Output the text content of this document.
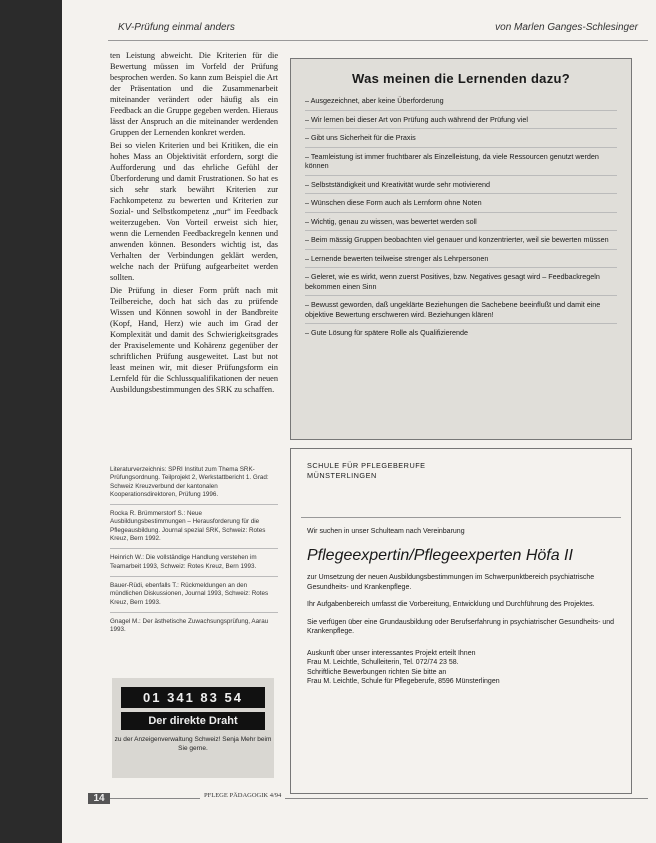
KV-Prüfung einmal anders	von Marlen Ganges-Schlesinger

ten Leistung abweicht. Die Kriterien für die Bewertung müssen im Vorfeld der Prüfung besprochen werden. So kann zum Beispiel die Art der Präsentation und die Zusammenarbeit miteinander verändert oder häufig als ein Feedback an die Gruppe gegeben werden. Hieraus lässt der Anspruch an die miteinander werdenden Gruppen der Lernenden konkret werden.

Bei so vielen Kriterien und bei Kritiken, die ein hohes Mass an Objektivität erfordern, sorgt die Aufforderung und das ehrliche Gefühl der Überforderung und damit Frustrationen. So hat es sich sehr stark bewährt Kriterien zur Fachkompetenz zu bewerten und Kriterien zur Sozial- und Selbstkompetenz „nur“ im Feedback weiterzugeben. Von Vorteil erweist sich hier, wenn die Lernenden Feedbackregeln kennen und anwenden können. Besonders wichtig ist, das Verhalten der Verbindungen geklärt werden, welche nach der Prüfung aufgearbeitet werden sollten.

Die Prüfung in dieser Form prüft nach mit Teilbereiche, doch hat sich das zu prüfende Wissen und Können sowohl in der Bandbreite (Kopf, Hand, Herz) wie auch im Grad der Komplexität und damit des Schwierigkeitsgrades der Praxiselemente und Kohärenz gegenüber der schriftlichen Prüfung ausgeweitet. Last but not least meinen wir, mit dieser Prüfungsform ein Lernfeld für die Schlussqualifikationen der neuen Ausbildungsbestimmungen des SRK zu schaffen.

Literaturverzeichnis: SPRI Institut zum Thema SRK-Prüfungsordnung. Teilprojekt 2, Werkstattbericht 1. Grad: Schweiz Kreuzverbund der kantonalen Kooperationsdirektoren, Prüfung 1996.
Rocka R. Brümmerstorf S.: Neue Ausbildungsbestimmungen – Herausforderung für die Pflegeausbildung. Journal spezial SRK, Schweiz: Rotes Kreuz, Bern 1992.
Heinrich W.: Die vollständige Handlung verstehen im Teamarbeit 1993, Schweiz: Rotes Kreuz, Bern 1993.
Bauer-Rüdi, ebenfalls T.: Rückmeldungen an den mündlichen Diskussionen, Journal 1993, Schweiz: Rotes Kreuz, Bern 1993.
Gnagel M.: Der ästhetische Zuwachsungsprüfung, Aarau 1993.
01 341 83 54
Der direkte Draht
zu der Anzeigenverwaltung Schweiz! Senja Mehr beim Sie gerne.
Was meinen die Lernenden dazu?
– Ausgezeichnet, aber keine Überforderung
– Wir lernen bei dieser Art von Prüfung auch während der Prüfung viel
– Gibt uns Sicherheit für die Praxis
– Teamleistung ist immer fruchtbarer als Einzelleistung, da viele Ressourcen genutzt werden können
– Selbstständigkeit und Kreativität wurde sehr motivierend
– Wünschen diese Form auch als Lernform ohne Noten
– Wichtig, genau zu wissen, was bewertet werden soll
– Beim mässig Gruppen beobachten viel genauer und konzentrierter, weil sie bewerten müssen
– Lernende bewerten teilweise strenger als Lehrpersonen
– Geleret, wie es wirkt, wenn zuerst Positives, bzw. Negatives gesagt wird – Feedbackregeln bekommen einen Sinn
– Bewusst geworden, daß ungeklärte Beziehungen die Sachebene beeinflußt und damit eine objektive Bewertung erschweren wird. Beziehungen klären!
– Gute Lösung für spätere Rolle als Qualifizierende
SCHULE FÜR PFLEGEBERUFE
MÜNSTERLINGEN
Wir suchen in unser Schulteam nach Vereinbarung
Pflegeexpertin/Pflegeexperten Höfa II
zur Umsetzung der neuen Ausbildungsbestimmungen im Schwerpunktbereich psychiatrische Gesundheits- und Krankenpflege.
Ihr Aufgabenbereich umfasst die Vorbereitung, Entwicklung und Durchführung des Projektes.
Sie verfügen über eine Grundausbildung oder Berufserfahrung in psychiatrischer Gesundheits- und Krankenpflege.
Auskunft über unser interessantes Projekt erteilt Ihnen
Frau M. Leichtle, Schulleiterin, Tel. 072/74 23 58.
Schriftliche Bewerbungen richten Sie bitte an
Frau M. Leichtle, Schule für Pflegeberufe, 8596 Münsterlingen
14	PFLEGE PÄDAGOGIK 4/94
